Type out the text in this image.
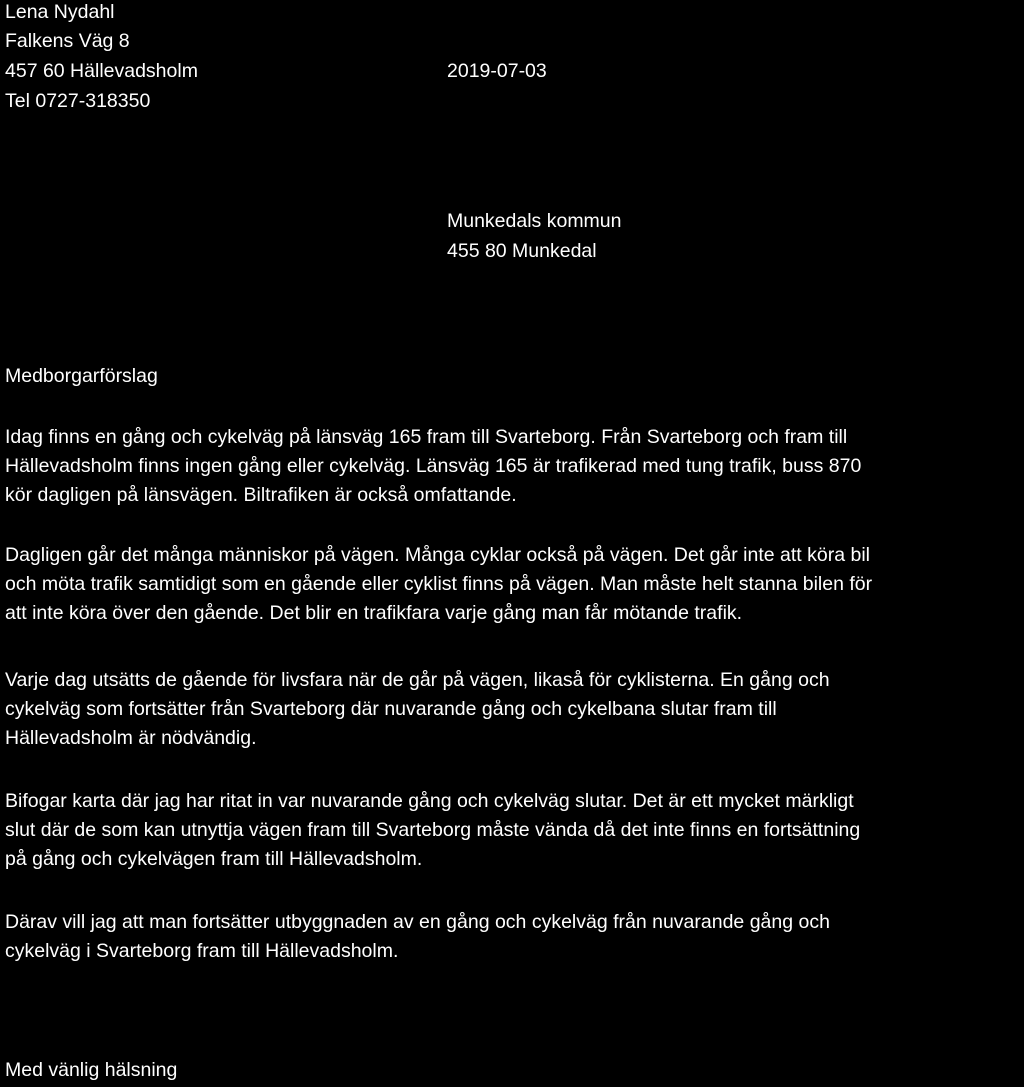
Lena Nydahl

Falkens Väg 8

457 60 Hällevadsholm

Tel 0727-318350

2019-07-03

Munkedals kommun

455 80 Munkedal

Medborgarförslag

Idag finns en gång och cykelväg på länsväg 165 fram till Svarteborg. Från Svarteborg och fram till
Hällevadsholm finns ingen gång eller cykelväg. Länsväg 165 är trafikerad med tung trafik, buss 870
kör dagligen på länsvägen. Biltrafiken är också omfattande.
Dagligen går det många människor på vägen. Många cyklar också på vägen. Det går inte att köra bil
och möta trafik samtidigt som en gående eller cyklist finns på vägen. Man måste helt stanna bilen för
att inte köra över den gående. Det blir en trafikfara varje gång man får mötande trafik.
Varje dag utsätts de gående för livsfara när de går på vägen, likaså för cyklisterna. En gång och
cykelväg som fortsätter från Svarteborg där nuvarande gång och cykelbana slutar fram till
Hällevadsholm är nödvändig.
Bifogar karta där jag har ritat in var nuvarande gång och cykelväg slutar. Det är ett mycket märkligt
slut där de som kan utnyttja vägen fram till Svarteborg måste vända då det inte finns en fortsättning
på gång och cykelvägen fram till Hällevadsholm.
Därav vill jag att man fortsätter utbyggnaden av en gång och cykelväg från nuvarande gång och
cykelväg i Svarteborg fram till Hällevadsholm.

Med vänlig hälsning
